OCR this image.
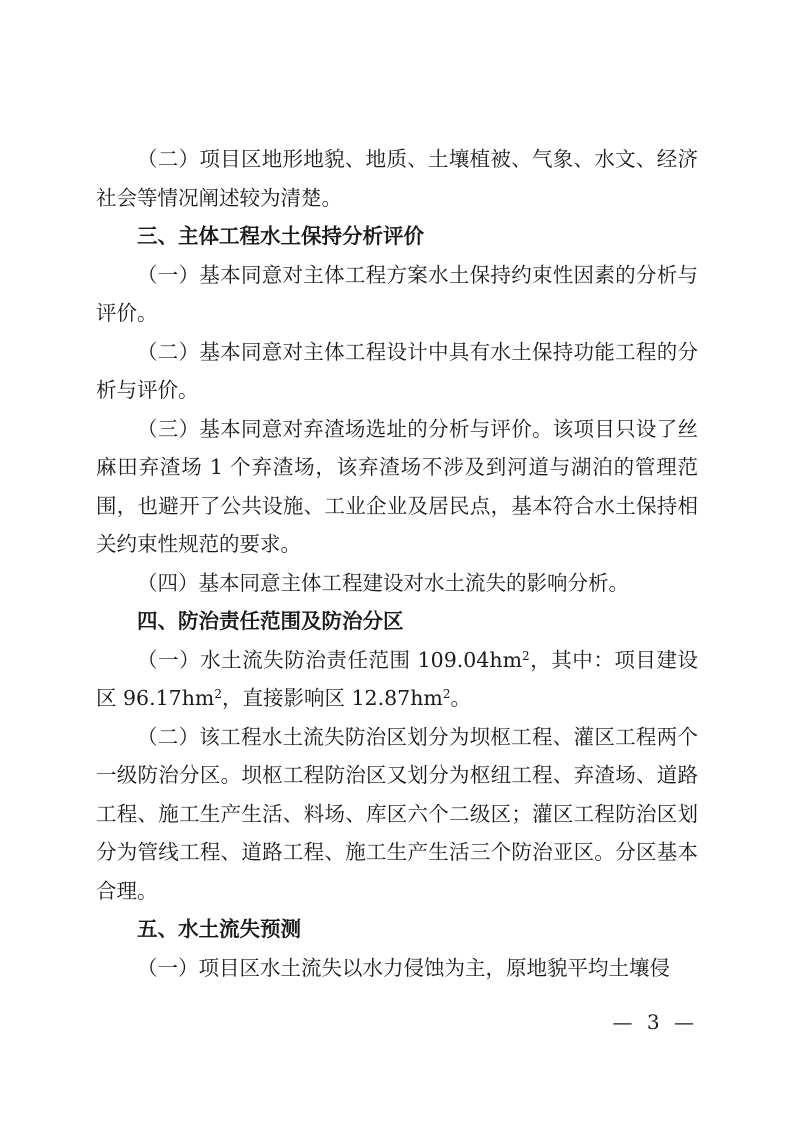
（二）项目区地形地貌、地质、土壤植被、气象、水文、经济社会等情况阐述较为清楚。

三、主体工程水土保持分析评价

（一）基本同意对主体工程方案水土保持约束性因素的分析与评价。

（二）基本同意对主体工程设计中具有水土保持功能工程的分析与评价。

（三）基本同意对弃渣场选址的分析与评价。该项目只设了丝麻田弃渣场 1 个弃渣场，该弃渣场不涉及到河道与湖泊的管理范围，也避开了公共设施、工业企业及居民点，基本符合水土保持相关约束性规范的要求。

（四）基本同意主体工程建设对水土流失的影响分析。

四、防治责任范围及防治分区

（一）水土流失防治责任范围 $109.04hm^2$，其中：项目建设区 $96.17hm^2$，直接影响区 $12.87hm^2$。

（二）该工程水土流失防治区划分为坝枢工程、灌区工程两个一级防治分区。坝枢工程防治区又划分为枢纽工程、弃渣场、道路工程、施工生产生活、料场、库区六个二级区；灌区工程防治区划分为管线工程、道路工程、施工生产生活三个防治亚区。分区基本合理。

五、水土流失预测

（一）项目区水土流失以水力侵蚀为主，原地貌平均土壤侵

— 3 —
